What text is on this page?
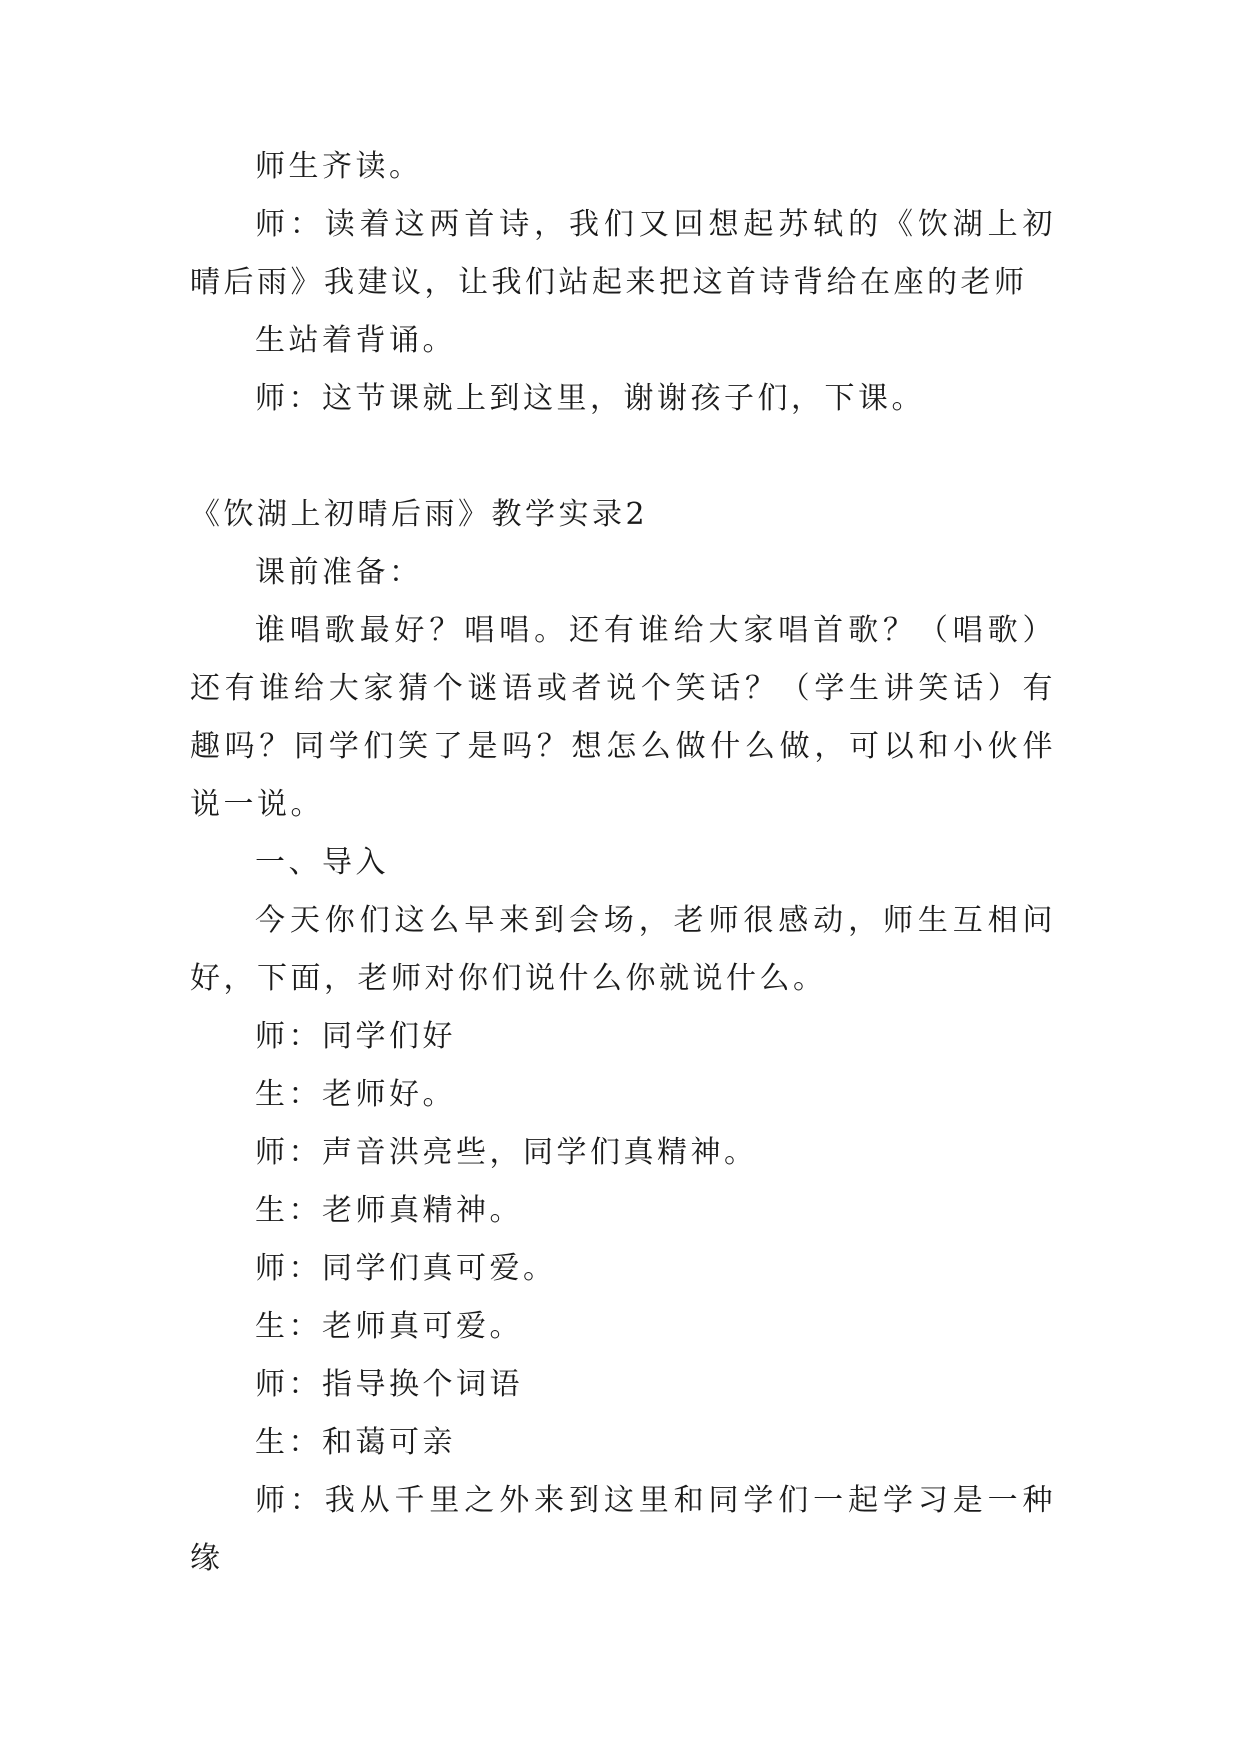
师生齐读。

师：读着这两首诗，我们又回想起苏轼的《饮湖上初晴后雨》我建议，让我们站起来把这首诗背给在座的老师

生站着背诵。

师：这节课就上到这里，谢谢孩子们，下课。

《饮湖上初晴后雨》教学实录2

课前准备：

谁唱歌最好？唱唱。还有谁给大家唱首歌？（唱歌）还有谁给大家猜个谜语或者说个笑话？（学生讲笑话）有趣吗？同学们笑了是吗？想怎么做什么做，可以和小伙伴说一说。

一、导入

今天你们这么早来到会场，老师很感动，师生互相问好，下面，老师对你们说什么你就说什么。

师：同学们好

生：老师好。

师：声音洪亮些，同学们真精神。

生：老师真精神。

师：同学们真可爱。

生：老师真可爱。

师：指导换个词语

生：和蔼可亲

师：我从千里之外来到这里和同学们一起学习是一种缘
